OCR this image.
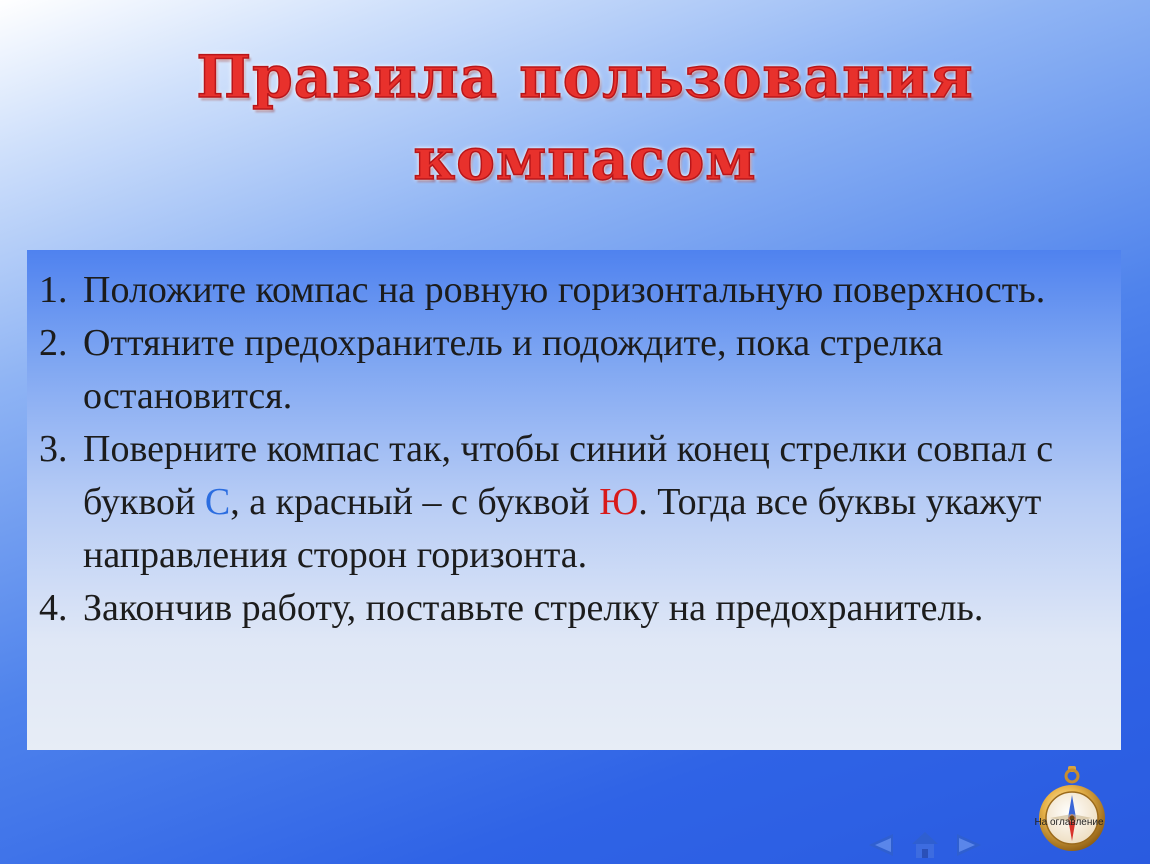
Правила пользования
компасом
1. Положите компас на ровную горизонтальную поверхность.
2. Оттяните предохранитель и подождите, пока стрелка остановится.
3. Поверните компас так, чтобы синий конец стрелки совпал с буквой С, а красный – с буквой Ю. Тогда все буквы укажут направления сторон горизонта.
4. Закончив работу, поставьте стрелку на предохранитель.
На оглавление
